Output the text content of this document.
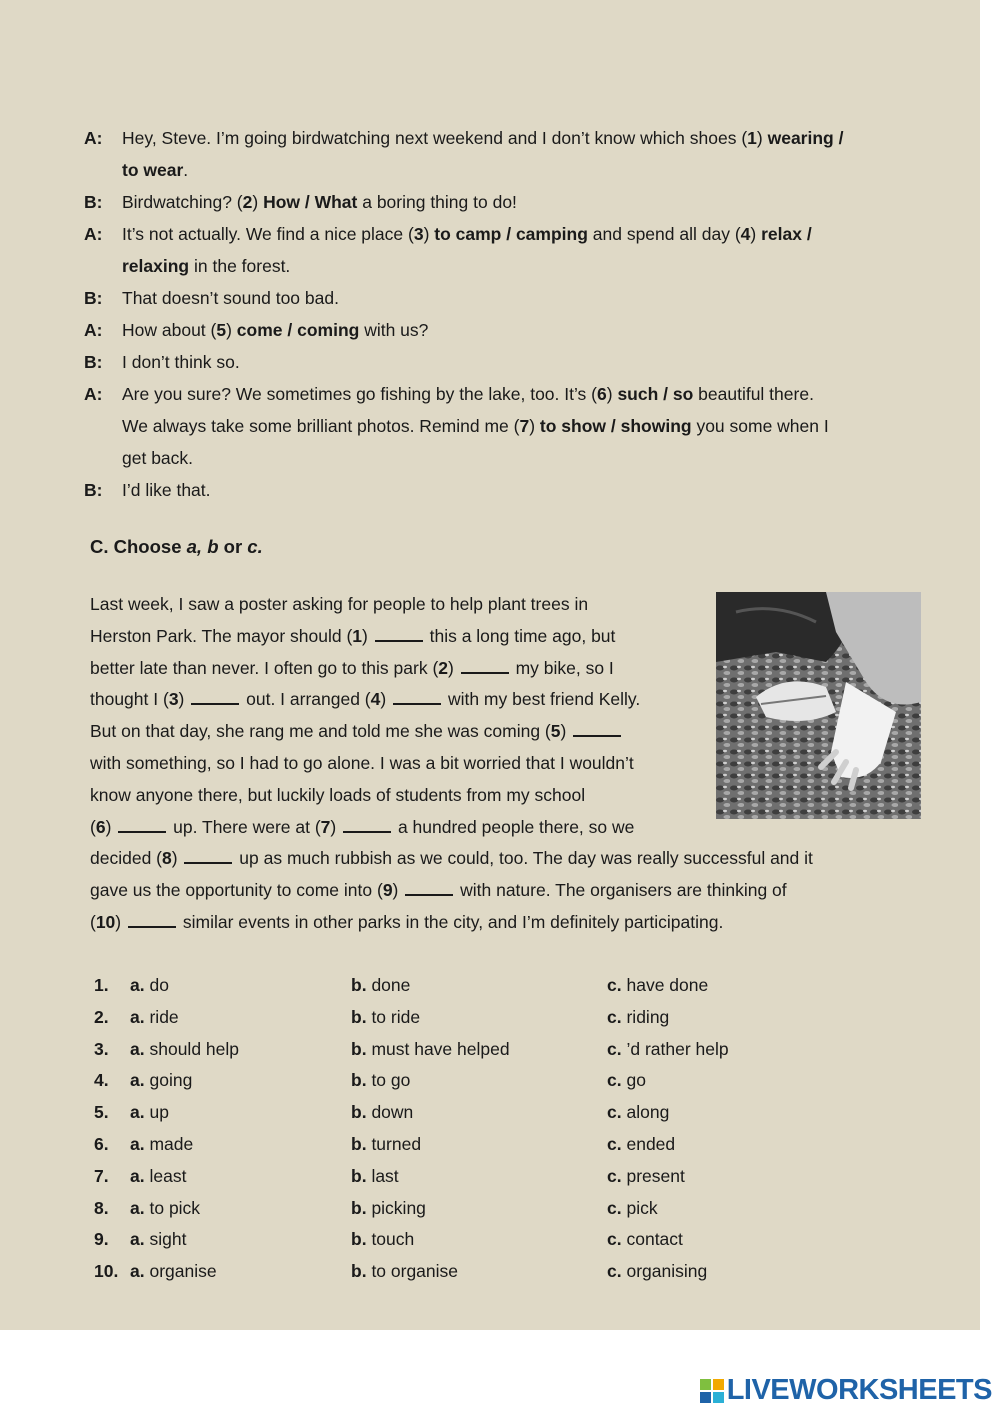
A:	Hey, Steve. I’m going birdwatching next weekend and I don’t know which shoes (1) wearing /
to wear.
B:	Birdwatching? (2) How / What a boring thing to do!
A:	It’s not actually. We find a nice place (3) to camp / camping and spend all day (4) relax /
relaxing in the forest.
B:	That doesn’t sound too bad.
A:	How about (5) come / coming with us?
B:	I don’t think so.
A:	Are you sure? We sometimes go fishing by the lake, too. It’s (6) such / so beautiful there.
We always take some brilliant photos. Remind me (7) to show / showing you some when I
get back.
B:	I’d like that.
C. Choose a, b or c.
Last week, I saw a poster asking for people to help plant trees in
Herston Park. The mayor should (1)	this a long time ago, but
better late than never. I often go to this park (2)	my bike, so I
thought I (3)	out. I arranged (4)	with my best friend Kelly.
But on that day, she rang me and told me she was coming (5)
with something, so I had to go alone. I was a bit worried that I wouldn’t
know anyone there, but luckily loads of students from my school
(6)	up. There were at (7)	a hundred people there, so we
decided (8)	up as much rubbish as we could, too. The day was really successful and it
gave us the opportunity to come into (9)	with nature. The organisers are thinking of
(10)	similar events in other parks in the city, and I’m definitely participating.
1.	a. do	b. done	c. have done
2.	a. ride	b. to ride	c. riding
3.	a. should help	b. must have helped	c. ’d rather help
4.	a. going	b. to go	c. go
5.	a. up	b. down	c. along
6.	a. made	b. turned	c. ended
7.	a. least	b. last	c. present
8.	a. to pick	b. picking	c. pick
9.	a. sight	b. touch	c. contact
10. a. organise	b. to organise	c. organising
LIVEWORKSHEETS
